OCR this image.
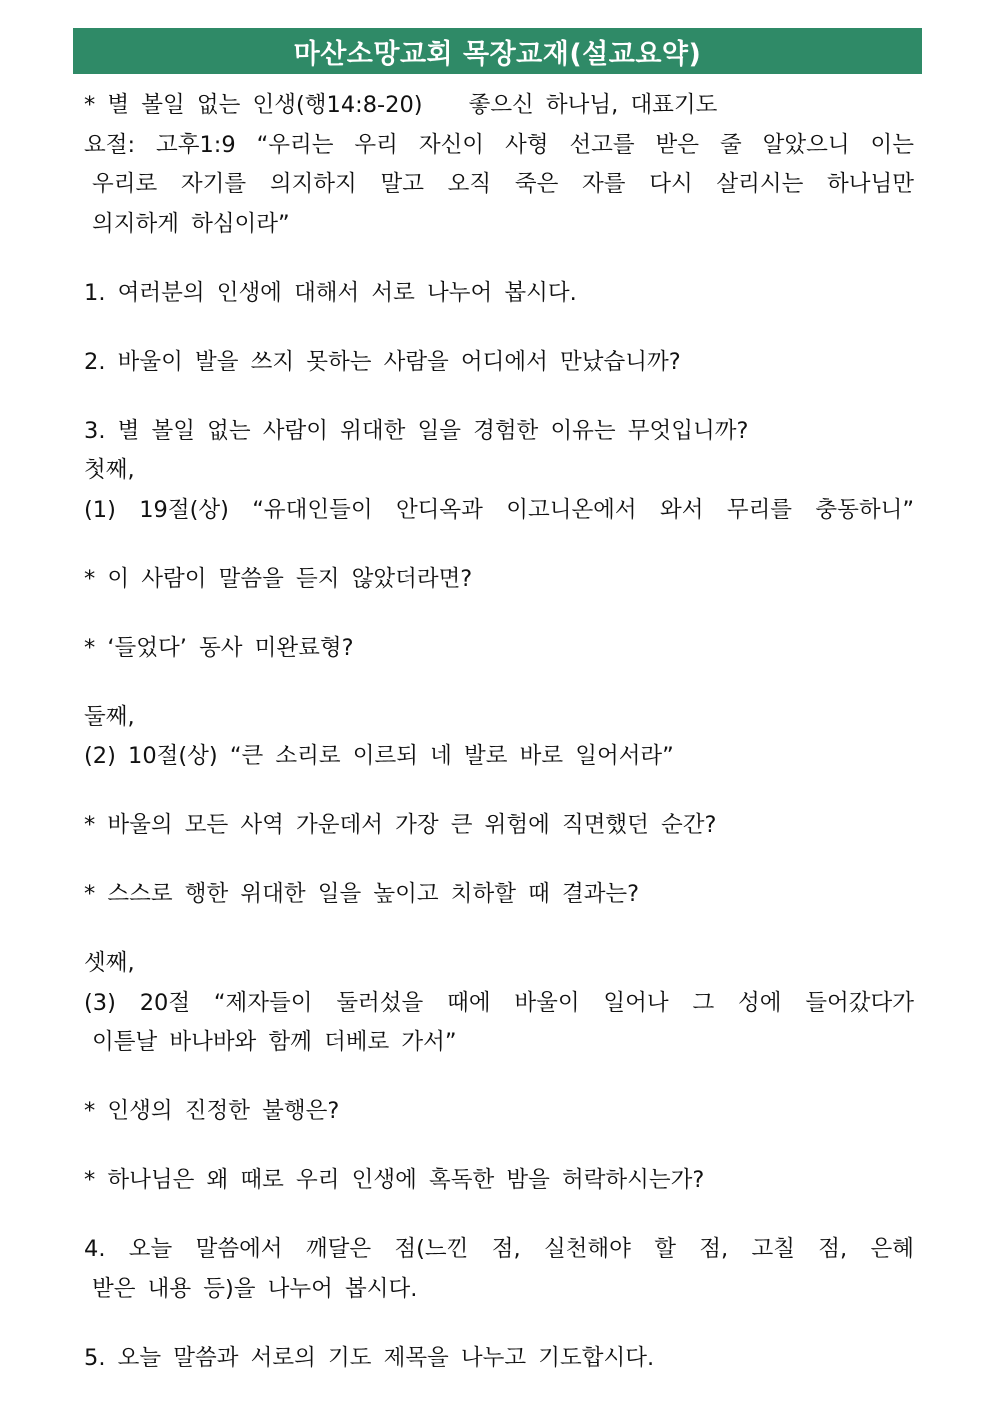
마산소망교회 목장교재(설교요약)
* 별 볼일 없는 인생(행14:8-20) 좋으신 하나님, 대표기도
요절: 고후1:9 “우리는 우리 자신이 사형 선고를 받은 줄 알았으니 이는
우리로 자기를 의지하지 말고 오직 죽은 자를 다시 살리시는 하나님만
의지하게 하심이라”
1. 여러분의 인생에 대해서 서로 나누어 봅시다.
2. 바울이 발을 쓰지 못하는 사람을 어디에서 만났습니까?
3. 별 볼일 없는 사람이 위대한 일을 경험한 이유는 무엇입니까?
첫째,
(1) 19절(상) “유대인들이 안디옥과 이고니온에서 와서 무리를 충동하니”
* 이 사람이 말씀을 듣지 않았더라면?
* ‘들었다’ 동사 미완료형?
둘째,
(2) 10절(상) “큰 소리로 이르되 네 발로 바로 일어서라”
* 바울의 모든 사역 가운데서 가장 큰 위험에 직면했던 순간?
* 스스로 행한 위대한 일을 높이고 치하할 때 결과는?
셋째,
(3) 20절 “제자들이 둘러섰을 때에 바울이 일어나 그 성에 들어갔다가
이튿날 바나바와 함께 더베로 가서”
* 인생의 진정한 불행은?
* 하나님은 왜 때로 우리 인생에 혹독한 밤을 허락하시는가?
4. 오늘 말씀에서 깨달은 점(느낀 점, 실천해야 할 점, 고칠 점, 은혜
받은 내용 등)을 나누어 봅시다.
5. 오늘 말씀과 서로의 기도 제목을 나누고 기도합시다.
